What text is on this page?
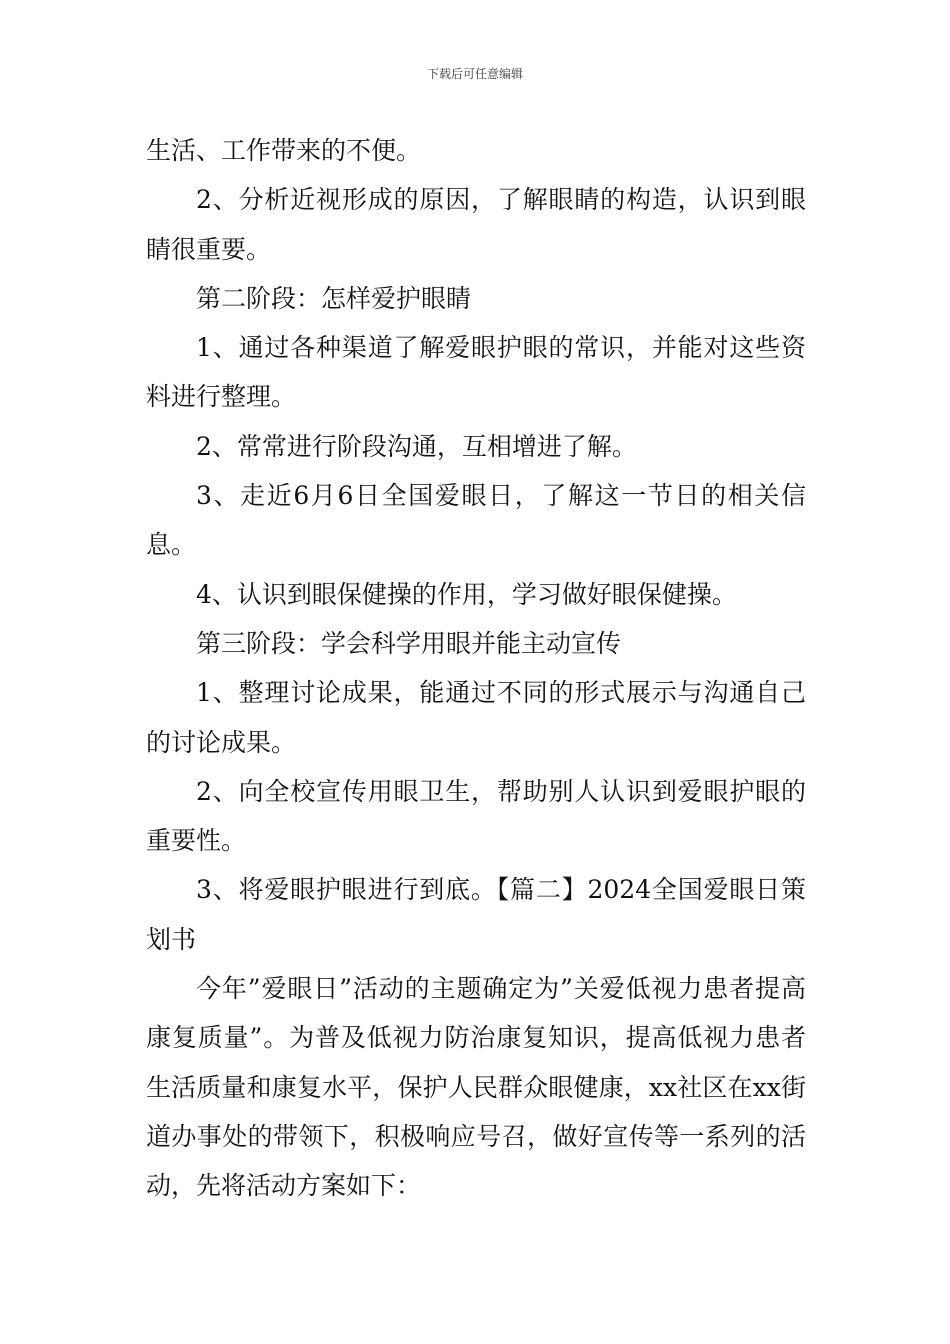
下载后可任意编辑

生活、工作带来的不便。

2、分析近视形成的原因，了解眼睛的构造，认识到眼睛很重要。

第二阶段：怎样爱护眼睛

1、通过各种渠道了解爱眼护眼的常识，并能对这些资料进行整理。

2、常常进行阶段沟通，互相增进了解。

3、走近6月6日全国爱眼日，了解这一节日的相关信息。

4、认识到眼保健操的作用，学习做好眼保健操。

第三阶段：学会科学用眼并能主动宣传

1、整理讨论成果，能通过不同的形式展示与沟通自己的讨论成果。

2、向全校宣传用眼卫生，帮助别人认识到爱眼护眼的重要性。

3、将爱眼护眼进行到底。【篇二】2024全国爱眼日策划书

今年”爱眼日”活动的主题确定为”关爱低视力患者提高康复质量”。为普及低视力防治康复知识，提高低视力患者生活质量和康复水平，保护人民群众眼健康，xx社区在xx街道办事处的带领下，积极响应号召，做好宣传等一系列的活动，先将活动方案如下：
